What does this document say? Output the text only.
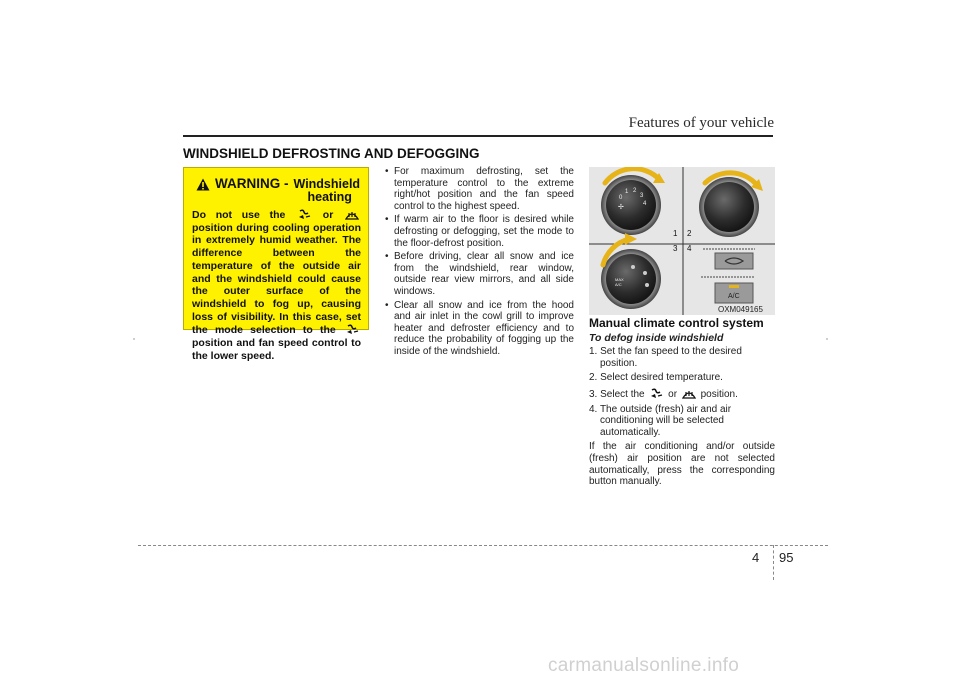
Features of your vehicle
WINDSHIELD DEFROSTING AND DEFOGGING
WARNING - Windshield
heating
Do not use the	or  position during cooling operation in extremely humid weather. The difference between the temperature of the outside air and the windshield could cause the outer surface of the windshield to fog up, causing loss of visibility. In this case, set the mode selection to the  position and fan speed control to the lower speed.
• For maximum defrosting, set the temperature control to the extreme right/hot position and the fan speed control to the highest speed.
• If warm air to the floor is desired while defrosting or defogging, set the mode to the floor-defrost position.
• Before driving, clear all snow and ice from the windshield, rear window, outside rear view mirrors, and all side windows.
• Clear all snow and ice from the hood and air inlet in the cowl grill to improve heater and defroster efficiency and to reduce the probability of fogging up the inside of the windshield.
0
1 2
3
4
✢
1 2
3 4
MAX
A/C
A/C
OXM049165
Manual climate control system
To defog inside windshield
1. Set the fan speed to the desired position.
2. Select desired temperature.
3. Select the or position.
4. The outside (fresh) air and air conditioning will be selected automatically.

If the air conditioning and/or outside (fresh) air position are not selected automatically, press the corresponding button manually.

4 95
carmanualsonline.info
